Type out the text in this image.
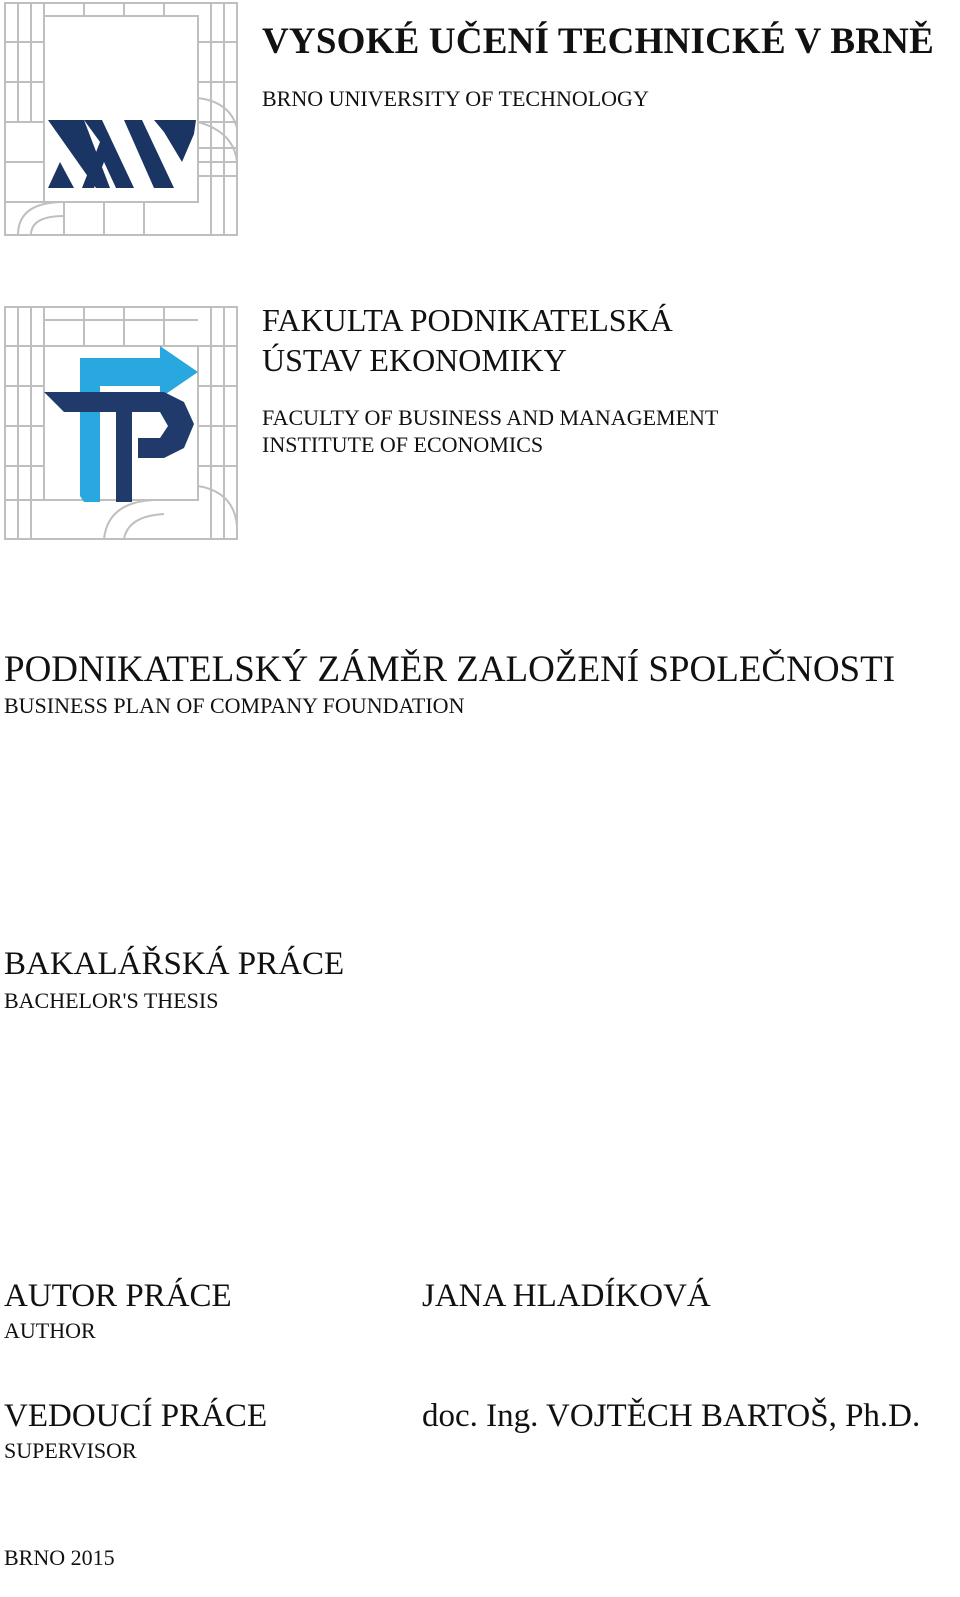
VYSOKÉ UČENÍ TECHNICKÉ V BRNĚ
BRNO UNIVERSITY OF TECHNOLOGY
FAKULTA PODNIKATELSKÁ
ÚSTAV EKONOMIKY
FACULTY OF BUSINESS AND MANAGEMENT
INSTITUTE OF ECONOMICS
PODNIKATELSKÝ ZÁMĚR ZALOŽENÍ SPOLEČNOSTI
BUSINESS PLAN OF COMPANY FOUNDATION
BAKALÁŘSKÁ PRÁCE
BACHELOR'S THESIS
AUTOR PRÁCE
AUTHOR
JANA HLADÍKOVÁ
VEDOUCÍ PRÁCE
SUPERVISOR
doc. Ing. VOJTĚCH BARTOŠ, Ph.D.
BRNO 2015
